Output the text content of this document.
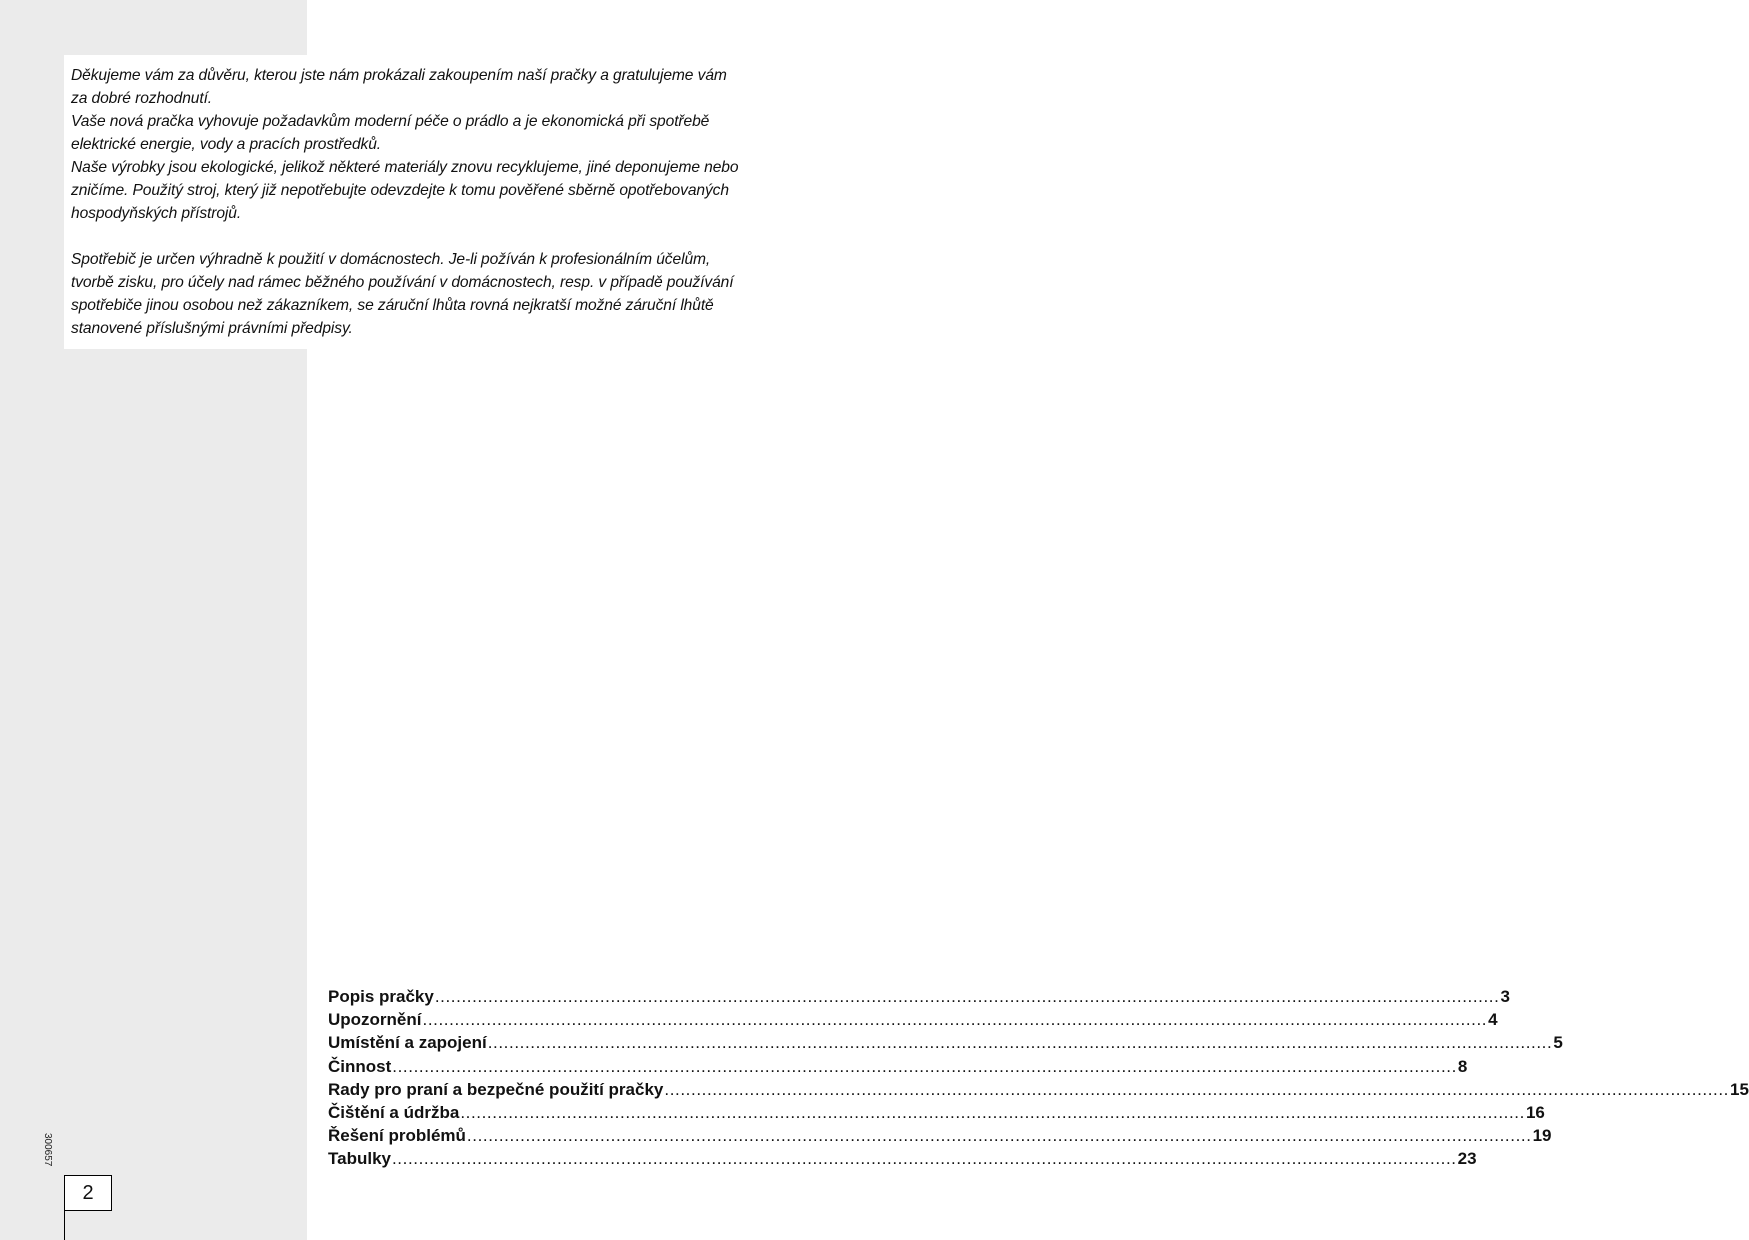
Děkujeme vám za důvěru, kterou jste nám prokázali zakoupením naší pračky a gratulujeme vám

za dobré rozhodnutí.

Vaše nová pračka vyhovuje požadavkům moderní péče o prádlo a je ekonomická při spotřebě

elektrické energie, vody a pracích prostředků.

Naše výrobky jsou ekologické, jelikož některé materiály znovu recyklujeme, jiné deponujeme nebo

zničíme. Použitý stroj, který již nepotřebujte odevzdejte k tomu pověřené sběrně opotřebovaných

hospodyňských přístrojů.

Spotřebič je určen výhradně k použití v domácnostech. Je-li požíván k profesionálním účelům,

tvorbě zisku, pro účely nad rámec běžného používání v domácnostech, resp. v případě používání

spotřebiče jinou osobou než zákazníkem, se záruční lhůta rovná nejkratší možné záruční lhůtě

stanovené příslušnými právními předpisy.

Popis pračky ........................................................................................................................................................................................................ 3
Upozornění ........................................................................................................................................................................................................ 4
Umístění a zapojení ........................................................................................................................................................................................................ 5
Činnost ........................................................................................................................................................................................................ 8
Rady pro praní a bezpečné použití pračky ........................................................................................................................................................................................................ 15
Čištění a údržba ........................................................................................................................................................................................................ 16
Řešení problémů ........................................................................................................................................................................................................ 19
Tabulky ........................................................................................................................................................................................................ 23
300657
2
